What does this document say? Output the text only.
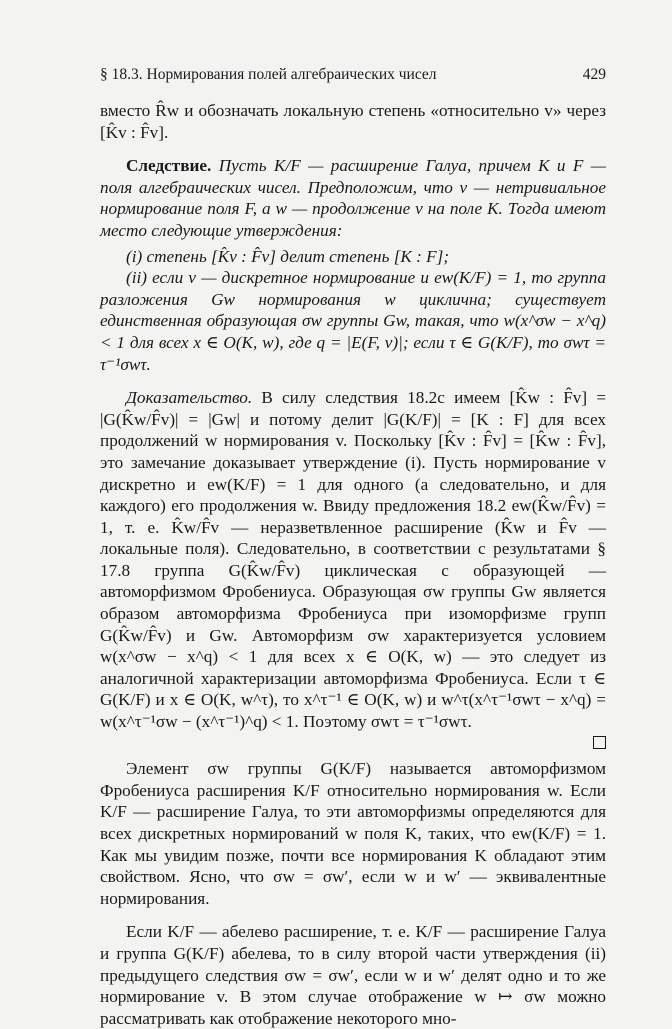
§ 18.3. Нормирования полей алгебраических чисел	429

вместо R̂w и обозначать локальную степень «относительно v» через [K̂v : F̂v].

Следствие. Пусть K/F — расширение Галуа, причем K и F — поля алгебраических чисел. Предположим, что v — нетривиальное нормирование поля F, а w — продолжение v на поле K. Тогда имеют место следующие утверждения:

(i) степень [K̂v : F̂v] делит степень [K : F];

(ii) если v — дискретное нормирование и ew(K/F) = 1, то группа разложения Gw нормирования w циклична; существует единственная образующая σw группы Gw, такая, что w(x^σw − x^q) < 1 для всех x ∈ O(K, w), где q = |E(F, v)|; если τ ∈ G(K/F), то σwτ = τ⁻¹σwτ.

Доказательство. В силу следствия 18.2c имеем [K̂w : F̂v] = |G(K̂w/F̂v)| = |Gw| и потому делит |G(K/F)| = [K : F] для всех продолжений w нормирования v. Поскольку [K̂v : F̂v] = [K̂w : F̂v], это замечание доказывает утверждение (i). Пусть нормирование v дискретно и ew(K/F) = 1 для одного (а следовательно, и для каждого) его продолжения w. Ввиду предложения 18.2 ew(K̂w/F̂v) = 1, т. е. K̂w/F̂v — неразветвленное расширение (K̂w и F̂v — локальные поля). Следовательно, в соответствии с результатами § 17.8 группа G(K̂w/F̂v) циклическая с образующей — автоморфизмом Фробениуса. Образующая σw группы Gw является образом автоморфизма Фробениуса при изоморфизме групп G(K̂w/F̂v) и Gw. Автоморфизм σw характеризуется условием w(x^σw − x^q) < 1 для всех x ∈ O(K, w) — это следует из аналогичной характеризации автоморфизма Фробениуса. Если τ ∈ G(K/F) и x ∈ O(K, w^τ), то x^τ⁻¹ ∈ O(K, w) и w^τ(x^τ⁻¹σwτ − x^q) = w(x^τ⁻¹σw − (x^τ⁻¹)^q) < 1. Поэтому σwτ = τ⁻¹σwτ.

Элемент σw группы G(K/F) называется автоморфизмом Фробениуса расширения K/F относительно нормирования w. Если K/F — расширение Галуа, то эти автоморфизмы определяются для всех дискретных нормирований w поля K, таких, что ew(K/F) = 1. Как мы увидим позже, почти все нормирования K обладают этим свойством. Ясно, что σw = σw′, если w и w′ — эквивалентные нормирования.

Если K/F — абелево расширение, т. е. K/F — расширение Галуа и группа G(K/F) абелева, то в силу второй части утверждения (ii) предыдущего следствия σw = σw′, если w и w′ делят одно и то же нормирование v. В этом случае отображение w ↦ σw можно рассматривать как отображение некоторого мно-
